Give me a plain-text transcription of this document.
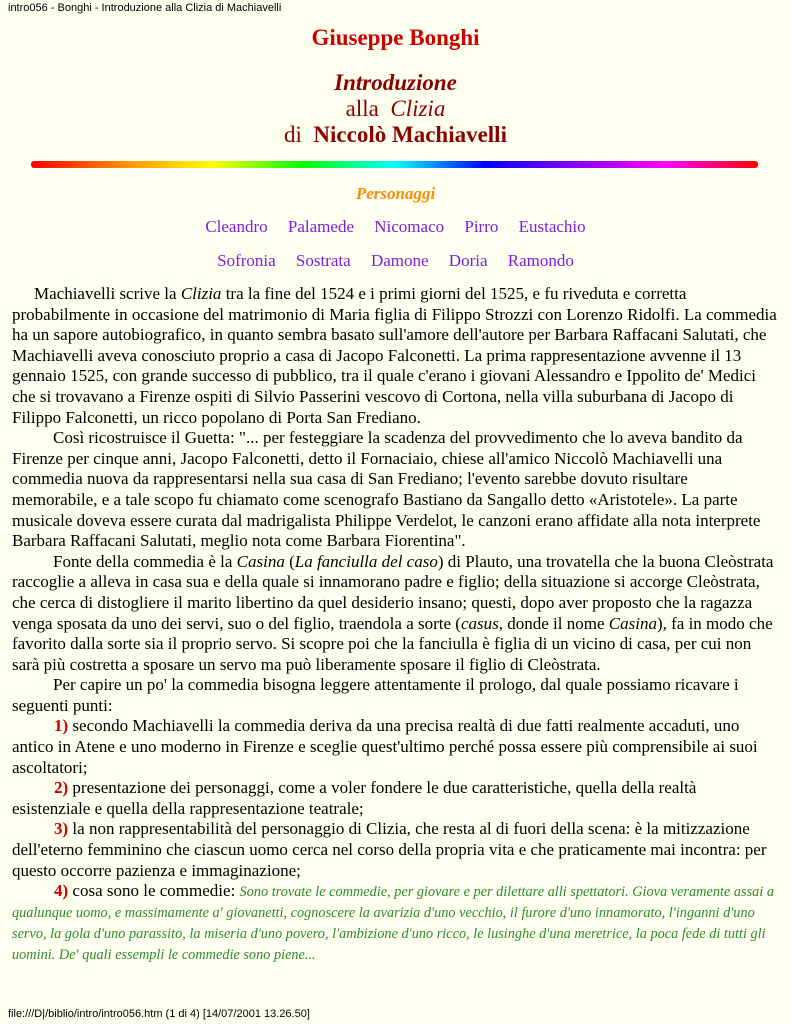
intro056 - Bonghi - Introduzione alla Clizia di Machiavelli
Giuseppe Bonghi
Introduzione
alla Clizia
di Niccolò Machiavelli
Personaggi
Cleandro Palamede Nicomaco Pirro Eustachio
Sofronia Sostrata Damone Doria Ramondo

Machiavelli scrive la Clizia tra la fine del 1524 e i primi giorni del 1525, e fu riveduta e corretta probabilmente in occasione del matrimonio di Maria figlia di Filippo Strozzi con Lorenzo Ridolfi. La commedia ha un sapore autobiografico, in quanto sembra basato sull'amore dell'autore per Barbara Raffacani Salutati, che Machiavelli aveva conosciuto proprio a casa di Jacopo Falconetti. La prima rappresentazione avvenne il 13 gennaio 1525, con grande successo di pubblico, tra il quale c'erano i giovani Alessandro e Ippolito de' Medici che si trovavano a Firenze ospiti di Silvio Passerini vescovo di Cortona, nella villa suburbana di Jacopo di Filippo Falconetti, un ricco popolano di Porta San Frediano.

Così ricostruisce il Guetta: "... per festeggiare la scadenza del provvedimento che lo aveva bandito da Firenze per cinque anni, Jacopo Falconetti, detto il Fornaciaio, chiese all'amico Niccolò Machiavelli una commedia nuova da rappresentarsi nella sua casa di San Frediano; l'evento sarebbe dovuto risultare memorabile, e a tale scopo fu chiamato come scenografo Bastiano da Sangallo detto «Aristotele». La parte musicale doveva essere curata dal madrigalista Philippe Verdelot, le canzoni erano affidate alla nota interprete Barbara Raffacani Salutati, meglio nota come Barbara Fiorentina".

Fonte della commedia è la Casina (La fanciulla del caso) di Plauto, una trovatella che la buona Cleòstrata raccoglie a alleva in casa sua e della quale si innamorano padre e figlio; della situazione si accorge Cleòstrata, che cerca di distogliere il marito libertino da quel desiderio insano; questi, dopo aver proposto che la ragazza venga sposata da uno dei servi, suo o del figlio, traendola a sorte (casus, donde il nome Casina), fa in modo che favorito dalla sorte sia il proprio servo. Si scopre poi che la fanciulla è figlia di un vicino di casa, per cui non sarà più costretta a sposare un servo ma può liberamente sposare il figlio di Cleòstrata.

Per capire un po' la commedia bisogna leggere attentamente il prologo, dal quale possiamo ricavare i seguenti punti:

1) secondo Machiavelli la commedia deriva da una precisa realtà di due fatti realmente accaduti, uno antico in Atene e uno moderno in Firenze e sceglie quest'ultimo perché possa essere più comprensibile ai suoi ascoltatori;

2) presentazione dei personaggi, come a voler fondere le due caratteristiche, quella della realtà esistenziale e quella della rappresentazione teatrale;

3) la non rappresentabilità del personaggio di Clizia, che resta al di fuori della scena: è la mitizzazione dell'eterno femminino che ciascun uomo cerca nel corso della propria vita e che praticamente mai incontra: per questo occorre pazienza e immaginazione;

4) cosa sono le commedie: Sono trovate le commedie, per giovare e per dilettare alli spettatori. Giova veramente assai a qualunque uomo, e massimamente a' giovanetti, cognoscere la avarizia d'uno vecchio, il furore d'uno innamorato, l'inganni d'uno servo, la gola d'uno parassito, la miseria d'uno povero, l'ambizione d'uno ricco, le lusinghe d'una meretrice, la poca fede di tutti gli uomini. De' quali essempli le commedie sono piene...

file:///D|/biblio/intro/intro056.htm (1 di 4) [14/07/2001 13.26.50]
